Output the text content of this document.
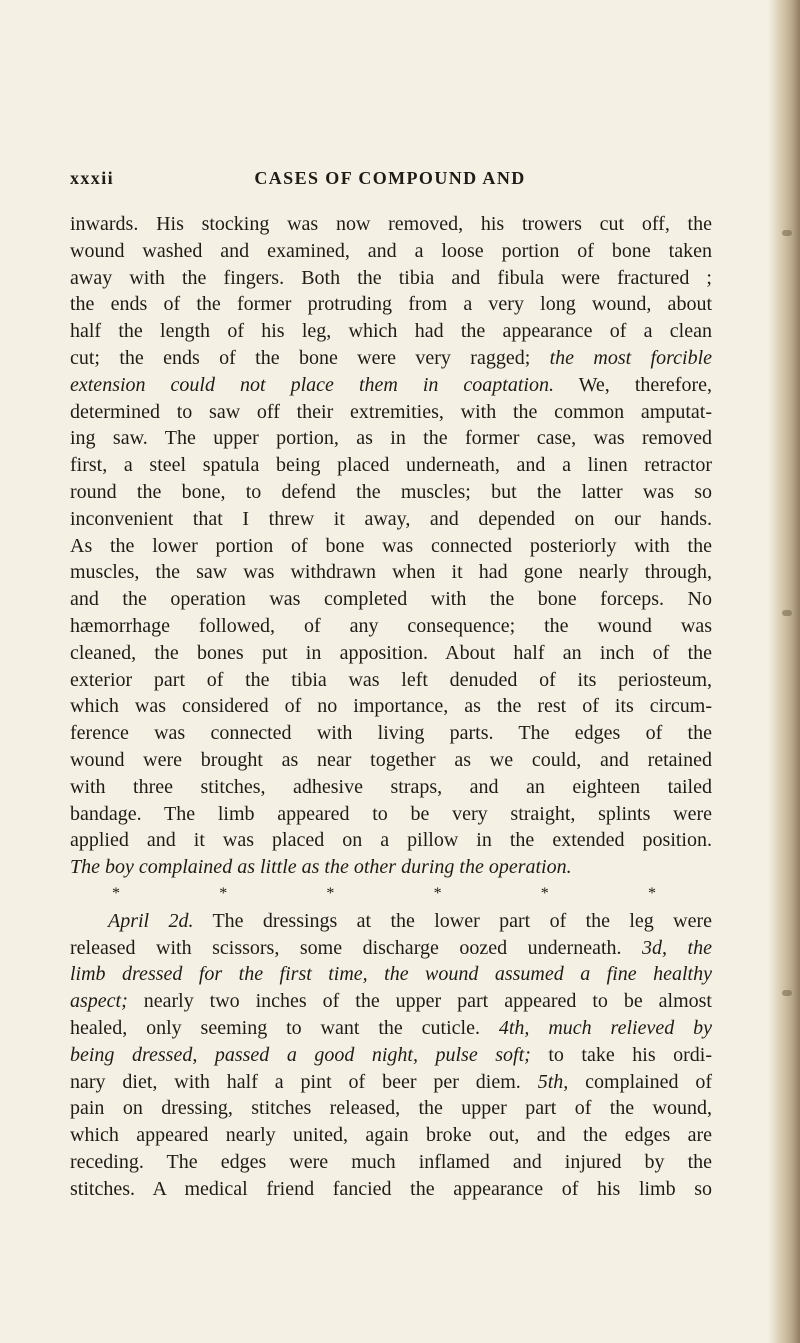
xxxii	CASES OF COMPOUND AND
inwards. His stocking was now removed, his trowers cut off, the
wound washed and examined, and a loose portion of bone taken
away with the fingers. Both the tibia and fibula were fractured ;
the ends of the former protruding from a very long wound, about
half the length of his leg, which had the appearance of a clean
cut; the ends of the bone were very ragged; the most forcible
extension could not place them in coaptation. We, therefore,
determined to saw off their extremities, with the common amputat-
ing saw. The upper portion, as in the former case, was removed
first, a steel spatula being placed underneath, and a linen retractor
round the bone, to defend the muscles; but the latter was so
inconvenient that I threw it away, and depended on our hands.
As the lower portion of bone was connected posteriorly with the
muscles, the saw was withdrawn when it had gone nearly through,
and the operation was completed with the bone forceps. No
hæmorrhage followed, of any consequence; the wound was
cleaned, the bones put in apposition. About half an inch of the
exterior part of the tibia was left denuded of its periosteum,
which was considered of no importance, as the rest of its circum-
ference was connected with living parts. The edges of the
wound were brought as near together as we could, and retained
with three stitches, adhesive straps, and an eighteen tailed
bandage. The limb appeared to be very straight, splints were
applied and it was placed on a pillow in the extended position.
The boy complained as little as the other during the operation.
*	*	*	*	*	*
April 2d. The dressings at the lower part of the leg were
released with scissors, some discharge oozed underneath. 3d, the
limb dressed for the first time, the wound assumed a fine healthy
aspect; nearly two inches of the upper part appeared to be almost
healed, only seeming to want the cuticle. 4th, much relieved by
being dressed, passed a good night, pulse soft; to take his ordi-
nary diet, with half a pint of beer per diem. 5th, complained of
pain on dressing, stitches released, the upper part of the wound,
which appeared nearly united, again broke out, and the edges are
receding. The edges were much inflamed and injured by the
stitches. A medical friend fancied the appearance of his limb so
